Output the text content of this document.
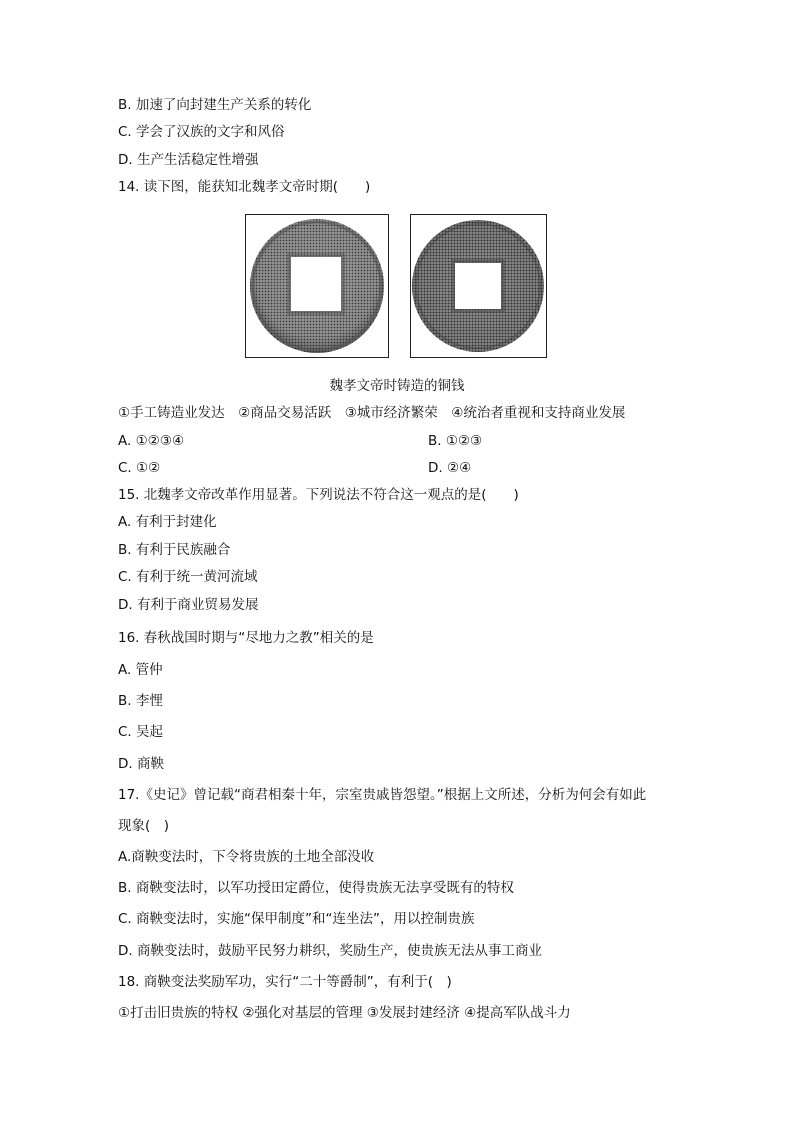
B. 加速了向封建生产关系的转化
C. 学会了汉族的文字和风俗
D. 生产生活稳定性增强
14. 读下图，能获知北魏孝文帝时期(　　)
魏孝文帝时铸造的铜钱
①手工铸造业发达　②商品交易活跃　③城市经济繁荣　④统治者重视和支持商业发展
A. ①②③④	B. ①②③
C. ①②	D. ②④
15. 北魏孝文帝改革作用显著。下列说法不符合这一观点的是(　　)
A. 有利于封建化
B. 有利于民族融合
C. 有利于统一黄河流域
D. 有利于商业贸易发展
16. 春秋战国时期与“尽地力之教”相关的是
A. 管仲
B. 李悝
C. 吴起
D. 商鞅
17.《史记》曾记载“商君相秦十年，宗室贵戚皆怨望。”根据上文所述，分析为何会有如此
现象(　)
A.商鞅变法时，下令将贵族的土地全部没收
B. 商鞅变法时，以军功授田定爵位，使得贵族无法享受既有的特权
C. 商鞅变法时，实施“保甲制度”和“连坐法”，用以控制贵族
D. 商鞅变法时，鼓励平民努力耕织，奖励生产，使贵族无法从事工商业
18. 商鞅变法奖励军功，实行“二十等爵制”，有利于(　)
①打击旧贵族的特权 ②强化对基层的管理 ③发展封建经济 ④提高军队战斗力
